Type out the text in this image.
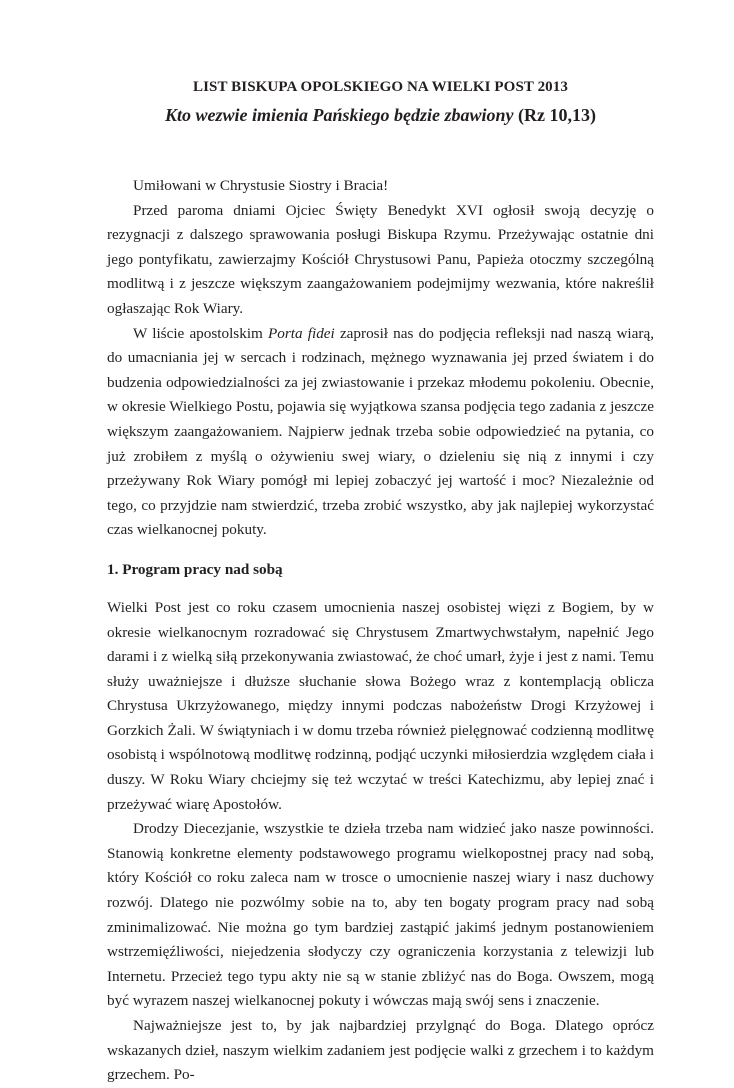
LIST BISKUPA OPOLSKIEGO NA WIELKI POST 2013
Kto wezwie imienia Pańskiego będzie zbawiony (Rz 10,13)

Umiłowani w Chrystusie Siostry i Bracia!

Przed paroma dniami Ojciec Święty Benedykt XVI ogłosił swoją decyzję o rezygnacji z dalszego sprawowania posługi Biskupa Rzymu. Przeżywając ostatnie dni jego pontyfikatu, zawierzajmy Kościół Chrystusowi Panu, Papieża otoczmy szczególną modlitwą i z jeszcze większym zaangażowaniem podejmijmy wezwania, które nakreślił ogłaszając Rok Wiary.

W liście apostolskim Porta fidei zaprosił nas do podjęcia refleksji nad naszą wiarą, do umacniania jej w sercach i rodzinach, mężnego wyznawania jej przed światem i do budzenia odpowiedzialności za jej zwiastowanie i przekaz młodemu pokoleniu. Obecnie, w okresie Wielkiego Postu, pojawia się wyjątkowa szansa podjęcia tego zadania z jeszcze większym zaangażowaniem. Najpierw jednak trzeba sobie odpowiedzieć na pytania, co już zrobiłem z myślą o ożywieniu swej wiary, o dzieleniu się nią z innymi i czy przeżywany Rok Wiary pomógł mi lepiej zobaczyć jej wartość i moc? Niezależnie od tego, co przyjdzie nam stwierdzić, trzeba zrobić wszystko, aby jak najlepiej wykorzystać czas wielkanocnej pokuty.

1. Program pracy nad sobą

Wielki Post jest co roku czasem umocnienia naszej osobistej więzi z Bogiem, by w okresie wielkanocnym rozradować się Chrystusem Zmartwychwstałym, napełnić Jego darami i z wielką siłą przekonywania zwiastować, że choć umarł, żyje i jest z nami. Temu służy uważniejsze i dłuższe słuchanie słowa Bożego wraz z kontemplacją oblicza Chrystusa Ukrzyżowanego, między innymi podczas nabożeństw Drogi Krzyżowej i Gorzkich Żali. W świątyniach i w domu trzeba również pielęgnować codzienną modlitwę osobistą i wspólnotową modlitwę rodzinną, podjąć uczynki miłosierdzia względem ciała i duszy. W Roku Wiary chciejmy się też wczytać w treści Katechizmu, aby lepiej znać i przeżywać wiarę Apostołów.

Drodzy Diecezjanie, wszystkie te dzieła trzeba nam widzieć jako nasze powinności. Stanowią konkretne elementy podstawowego programu wielkopostnej pracy nad sobą, który Kościół co roku zaleca nam w trosce o umocnienie naszej wiary i nasz duchowy rozwój. Dlatego nie pozwólmy sobie na to, aby ten bogaty program pracy nad sobą zminimalizować. Nie można go tym bardziej zastąpić jakimś jednym postanowieniem wstrzemięźliwości, niejedzenia słodyczy czy ograniczenia korzystania z telewizji lub Internetu. Przecież tego typu akty nie są w stanie zbliżyć nas do Boga. Owszem, mogą być wyrazem naszej wielkanocnej pokuty i wówczas mają swój sens i znaczenie.

Najważniejsze jest to, by jak najbardziej przylgnąć do Boga. Dlatego oprócz wskazanych dzieł, naszym wielkim zadaniem jest podjęcie walki z grzechem i to każdym grzechem. Po-
